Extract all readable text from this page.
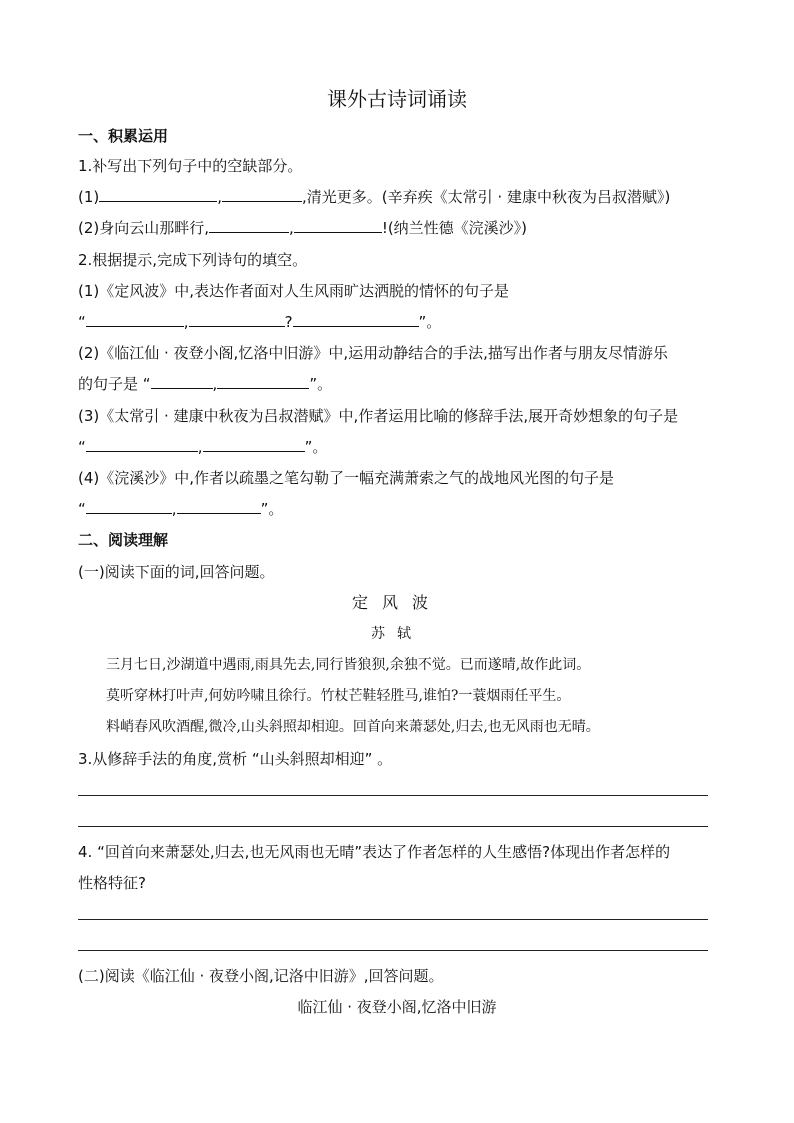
课外古诗词诵读
一、积累运用
1.补写出下列句子中的空缺部分。
(1)	,	,清光更多。(辛弃疾《太常引 · 建康中秋夜为吕叔潜赋》)
(2)身向云山那畔行,	,	!(纳兰性德《浣溪沙》)
2.根据提示,完成下列诗句的填空。
(1)《定风波》中,表达作者面对人生风雨旷达洒脱的情怀的句子是
“	,	?	”。
(2)《临江仙 · 夜登小阁,忆洛中旧游》中,运用动静结合的手法,描写出作者与朋友尽情游乐
的句子是 “	,	”。
(3)《太常引 · 建康中秋夜为吕叔潜赋》中,作者运用比喻的修辞手法,展开奇妙想象的句子是
“	,	”。
(4)《浣溪沙》中,作者以疏墨之笔勾勒了一幅充满萧索之气的战地风光图的句子是
“	,	”。
二、阅读理解
(一)阅读下面的词,回答问题。
定风波
苏轼
三月七日,沙湖道中遇雨,雨具先去,同行皆狼狈,余独不觉。已而遂晴,故作此词。
莫听穿林打叶声,何妨吟啸且徐行。竹杖芒鞋轻胜马,谁怕?一蓑烟雨任平生。
料峭春风吹酒醒,微冷,山头斜照却相迎。回首向来萧瑟处,归去,也无风雨也无晴。
3.从修辞手法的角度,赏析 “山头斜照却相迎” 。
4. “回首向来萧瑟处,归去,也无风雨也无晴”表达了作者怎样的人生感悟?体现出作者怎样的
性格特征?
(二)阅读《临江仙 · 夜登小阁,记洛中旧游》,回答问题。
临江仙 · 夜登小阁,忆洛中旧游
